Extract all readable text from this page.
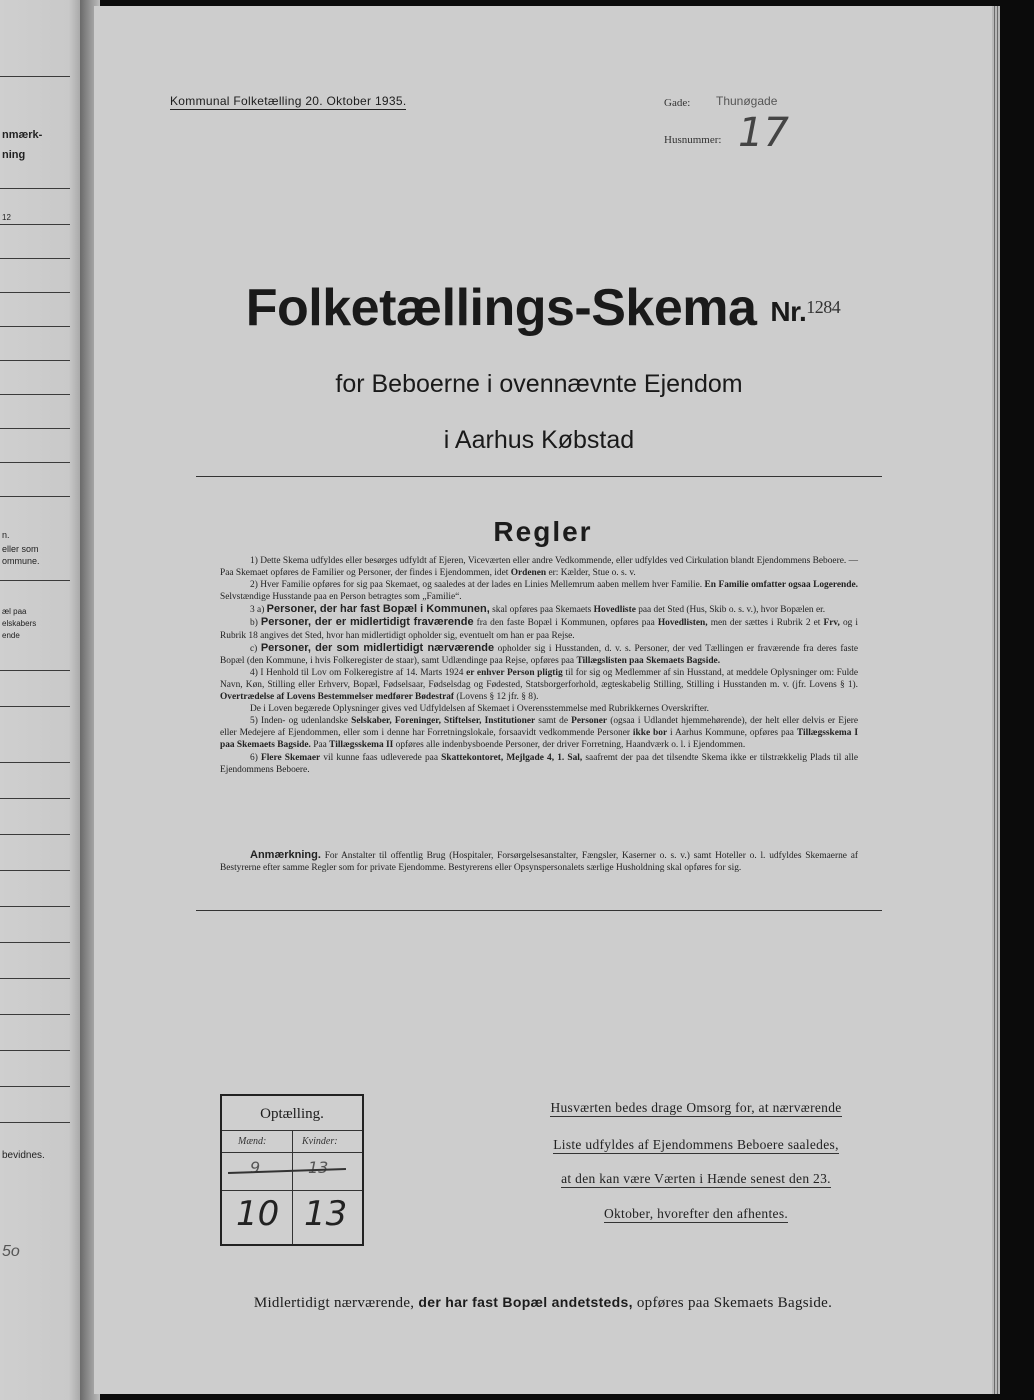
nmærk-
ning
12
n.
eller som
ommune.
æl paa
elskabers
ende
bevidnes.
5o
Kommunal Folketælling 20. Oktober 1935.	Gade: Thunøgade
Husnummer: 17
Folketællings-Skema Nr.$^{1284}$
for Beboerne i ovennævnte Ejendom
i Aarhus Købstad
Regler

1) Dette Skema udfyldes eller besørges udfyldt af Ejeren, Viceværten eller andre Vedkommende, eller udfyldes ved Cirkulation blandt Ejendommens Beboere. — Paa Skemaet opføres de Familier og Personer, der findes i Ejendommen, idet Ordenen er: Kælder, Stue o. s. v.

2) Hver Familie opføres for sig paa Skemaet, og saaledes at der lades en Linies Mellemrum aaben mellem hver Familie. En Familie omfatter ogsaa Logerende. Selvstændige Husstande paa en Person betragtes som „Familie“.

3 a) Personer, der har fast Bopæl i Kommunen, skal opføres paa Skemaets Hovedliste paa det Sted (Hus, Skib o. s. v.), hvor Bopælen er.

b) Personer, der er midlertidigt fraværende fra den faste Bopæl i Kommunen, opføres paa Hovedlisten, men der sættes i Rubrik 2 et Frv, og i Rubrik 18 angives det Sted, hvor han midlertidigt opholder sig, eventuelt om han er paa Rejse.

c) Personer, der som midlertidigt nærværende opholder sig i Husstanden, d. v. s. Personer, der ved Tællingen er fraværende fra deres faste Bopæl (den Kommune, i hvis Folkeregister de staar), samt Udlændinge paa Rejse, opføres paa Tillægslisten paa Skemaets Bagside.

4) I Henhold til Lov om Folkeregistre af 14. Marts 1924 er enhver Person pligtig til for sig og Medlemmer af sin Husstand, at meddele Oplysninger om: Fulde Navn, Køn, Stilling eller Erhverv, Bopæl, Fødselsaar, Fødselsdag og Fødested, Statsborgerforhold, ægteskabelig Stilling, Stilling i Husstanden m. v. (jfr. Lovens § 1). Overtrædelse af Lovens Bestemmelser medfører Bødestraf (Lovens § 12 jfr. § 8).

De i Loven begærede Oplysninger gives ved Udfyldelsen af Skemaet i Overensstemmelse med Rubrikkernes Overskrifter.

5) Inden- og udenlandske Selskaber, Foreninger, Stiftelser, Institutioner samt de Personer (ogsaa i Udlandet hjemmehørende), der helt eller delvis er Ejere eller Medejere af Ejendommen, eller som i denne har Forretningslokale, forsaavidt vedkommende Personer ikke bor i Aarhus Kommune, opføres paa Tillægsskema I paa Skemaets Bagside. Paa Tillægsskema II opføres alle indenbysboende Personer, der driver Forretning, Haandværk o. l. i Ejendommen.

6) Flere Skemaer vil kunne faas udleverede paa Skattekontoret, Mejlgade 4, 1. Sal, saafremt der paa det tilsendte Skema ikke er tilstrækkelig Plads til alle Ejendommens Beboere.

Anmærkning. For Anstalter til offentlig Brug (Hospitaler, Forsørgelsesanstalter, Fængsler, Kaserner o. s. v.) samt Hoteller o. l. udfyldes Skemaerne af Bestyrerne efter samme Regler som for private Ejendomme. Bestyrerens eller Opsynspersonalets særlige Husholdning skal opføres for sig.

Optælling.
Mænd:	Kvinder:
9	13
10 13
Husværten bedes drage Omsorg for, at nærværende
Liste udfyldes af Ejendommens Beboere saaledes,
at den kan være Værten i Hænde senest den 23.
Oktober, hvorefter den afhentes.
Midlertidigt nærværende, der har fast Bopæl andetsteds, opføres paa Skemaets Bagside.
